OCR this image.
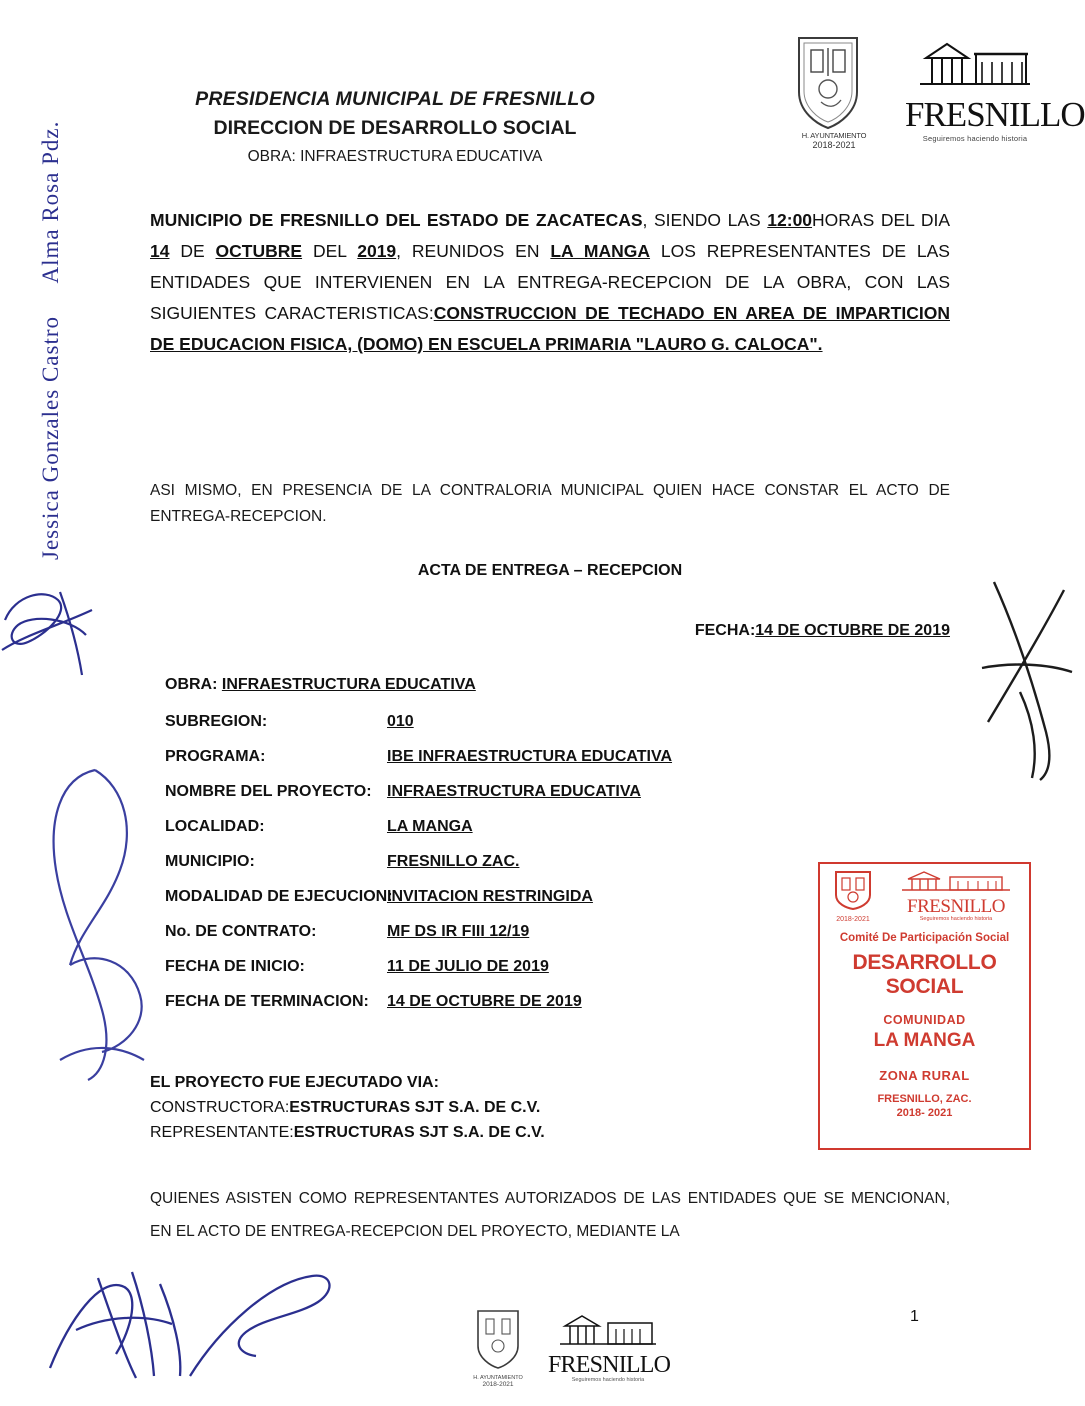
Jessica Gonzales Castro     Alma Rosa Pdz.
PRESIDENCIA MUNICIPAL DE FRESNILLO
DIRECCION DE DESARROLLO SOCIAL
OBRA: INFRAESTRUCTURA EDUCATIVA
H. AYUNTAMIENTO
2018-2021
FRESNILLO
Seguiremos haciendo historia
MUNICIPIO DE FRESNILLO DEL ESTADO DE ZACATECAS, SIENDO LAS 12:00HORAS DEL DIA 14 DE OCTUBRE DEL 2019, REUNIDOS EN LA MANGA LOS REPRESENTANTES DE LAS ENTIDADES QUE INTERVIENEN EN LA ENTREGA-RECEPCION DE LA OBRA, CON LAS SIGUIENTES CARACTERISTICAS:CONSTRUCCION DE TECHADO EN AREA DE IMPARTICION DE EDUCACION FISICA, (DOMO) EN ESCUELA PRIMARIA "LAURO G. CALOCA".
ASI MISMO, EN PRESENCIA DE LA CONTRALORIA MUNICIPAL QUIEN HACE CONSTAR EL ACTO DE ENTREGA-RECEPCION.
ACTA DE ENTREGA – RECEPCION
FECHA:14 DE OCTUBRE DE 2019
OBRA: INFRAESTRUCTURA EDUCATIVA
SUBREGION:	010
PROGRAMA:	IBE INFRAESTRUCTURA EDUCATIVA
NOMBRE DEL PROYECTO: INFRAESTRUCTURA EDUCATIVA
LOCALIDAD:	LA MANGA
MUNICIPIO:	FRESNILLO ZAC.
MODALIDAD DE EJECUCION:
INVITACION RESTRINGIDA
No. DE CONTRATO:	MF DS IR FIII 12/19
FECHA DE INICIO:	11 DE JULIO DE 2019
FECHA DE TERMINACION:	14 DE OCTUBRE DE 2019
EL PROYECTO FUE EJECUTADO VIA:
CONSTRUCTORA:ESTRUCTURAS SJT S.A. DE C.V.
REPRESENTANTE:ESTRUCTURAS SJT S.A. DE C.V.
QUIENES ASISTEN COMO REPRESENTANTES AUTORIZADOS DE LAS ENTIDADES QUE SE MENCIONAN, EN EL ACTO DE ENTREGA-RECEPCION DEL PROYECTO, MEDIANTE LA
2018-2021
FRESNILLO
Seguiremos haciendo historia
Comité De Participación Social
DESARROLLO SOCIAL
COMUNIDAD
LA MANGA
ZONA RURAL
FRESNILLO, ZAC.
2018- 2021
H. AYUNTAMIENTO
2018-2021
FRESNILLO
Seguiremos haciendo historia
1
